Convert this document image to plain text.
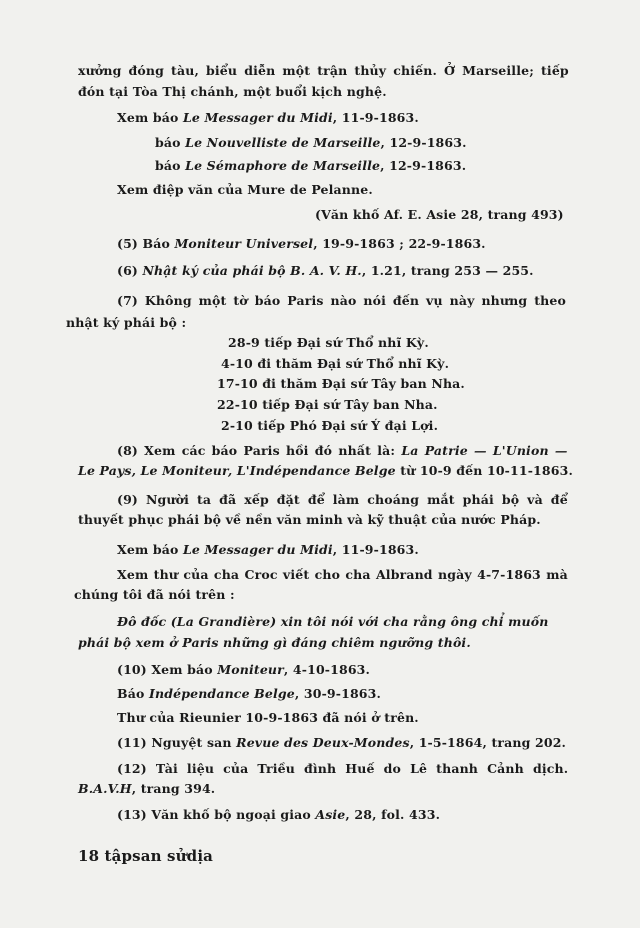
xưởng đóng tàu, biểu diễn một trận thủy chiến. Ở Marseille; tiếp
đón tại Tòa Thị chánh, một buổi kịch nghệ.
Xem báo Le Messager du Midi, 11-9-1863.
báo Le Nouvelliste de Marseille, 12-9-1863.
báo Le Sémaphore de Marseille, 12-9-1863.
Xem điệp văn của Mure de Pelanne.
(Văn khố Af. E. Asie 28, trang 493)
(5) Báo Moniteur Universel, 19-9-1863 ; 22-9-1863.
(6) Nhật ký của phái bộ B. A. V. H., 1.21, trang 253 — 255.
(7) Không một tờ báo Paris nào nói đến vụ này nhưng theo
nhật ký phái bộ :
28-9 tiếp Đại sứ Thổ nhĩ Kỳ.
4-10 đi thăm Đại sứ Thổ nhĩ Kỳ.
17-10 đi thăm Đại sứ Tây ban Nha.
22-10 tiếp Đại sứ Tây ban Nha.
2-10 tiếp Phó Đại sứ Ý đại Lợi.
(8) Xem các báo Paris hồi đó nhất là: La Patrie — L'Union —
Le Pays, Le Moniteur, L'Indépendance Belge từ 10-9 đến 10-11-1863.
(9) Người ta đã xếp đặt để làm choáng mắt phái bộ và để
thuyết phục phái bộ về nền văn minh và kỹ thuật của nước Pháp.
Xem báo Le Messager du Midi, 11-9-1863.
Xem thư của cha Croc viết cho cha Albrand ngày 4-7-1863 mà
chúng tôi đã nói trên :
Đô đốc (La Grandière) xin tôi nói với cha rằng ông chỉ muốn
phái bộ xem ở Paris những gì đáng chiêm ngưỡng thôi.
(10) Xem báo Moniteur, 4-10-1863.
Báo Indépendance Belge, 30-9-1863.
Thư của Rieunier 10-9-1863 đã nói ở trên.
(11) Nguyệt san Revue des Deux-Mondes, 1-5-1864, trang 202.
(12) Tài liệu của Triều đình Huế do Lê thanh Cảnh dịch.
B.A.V.H, trang 394.
(13) Văn khố bộ ngoại giao Asie, 28, fol. 433.
18 tậpsan sửdịa
